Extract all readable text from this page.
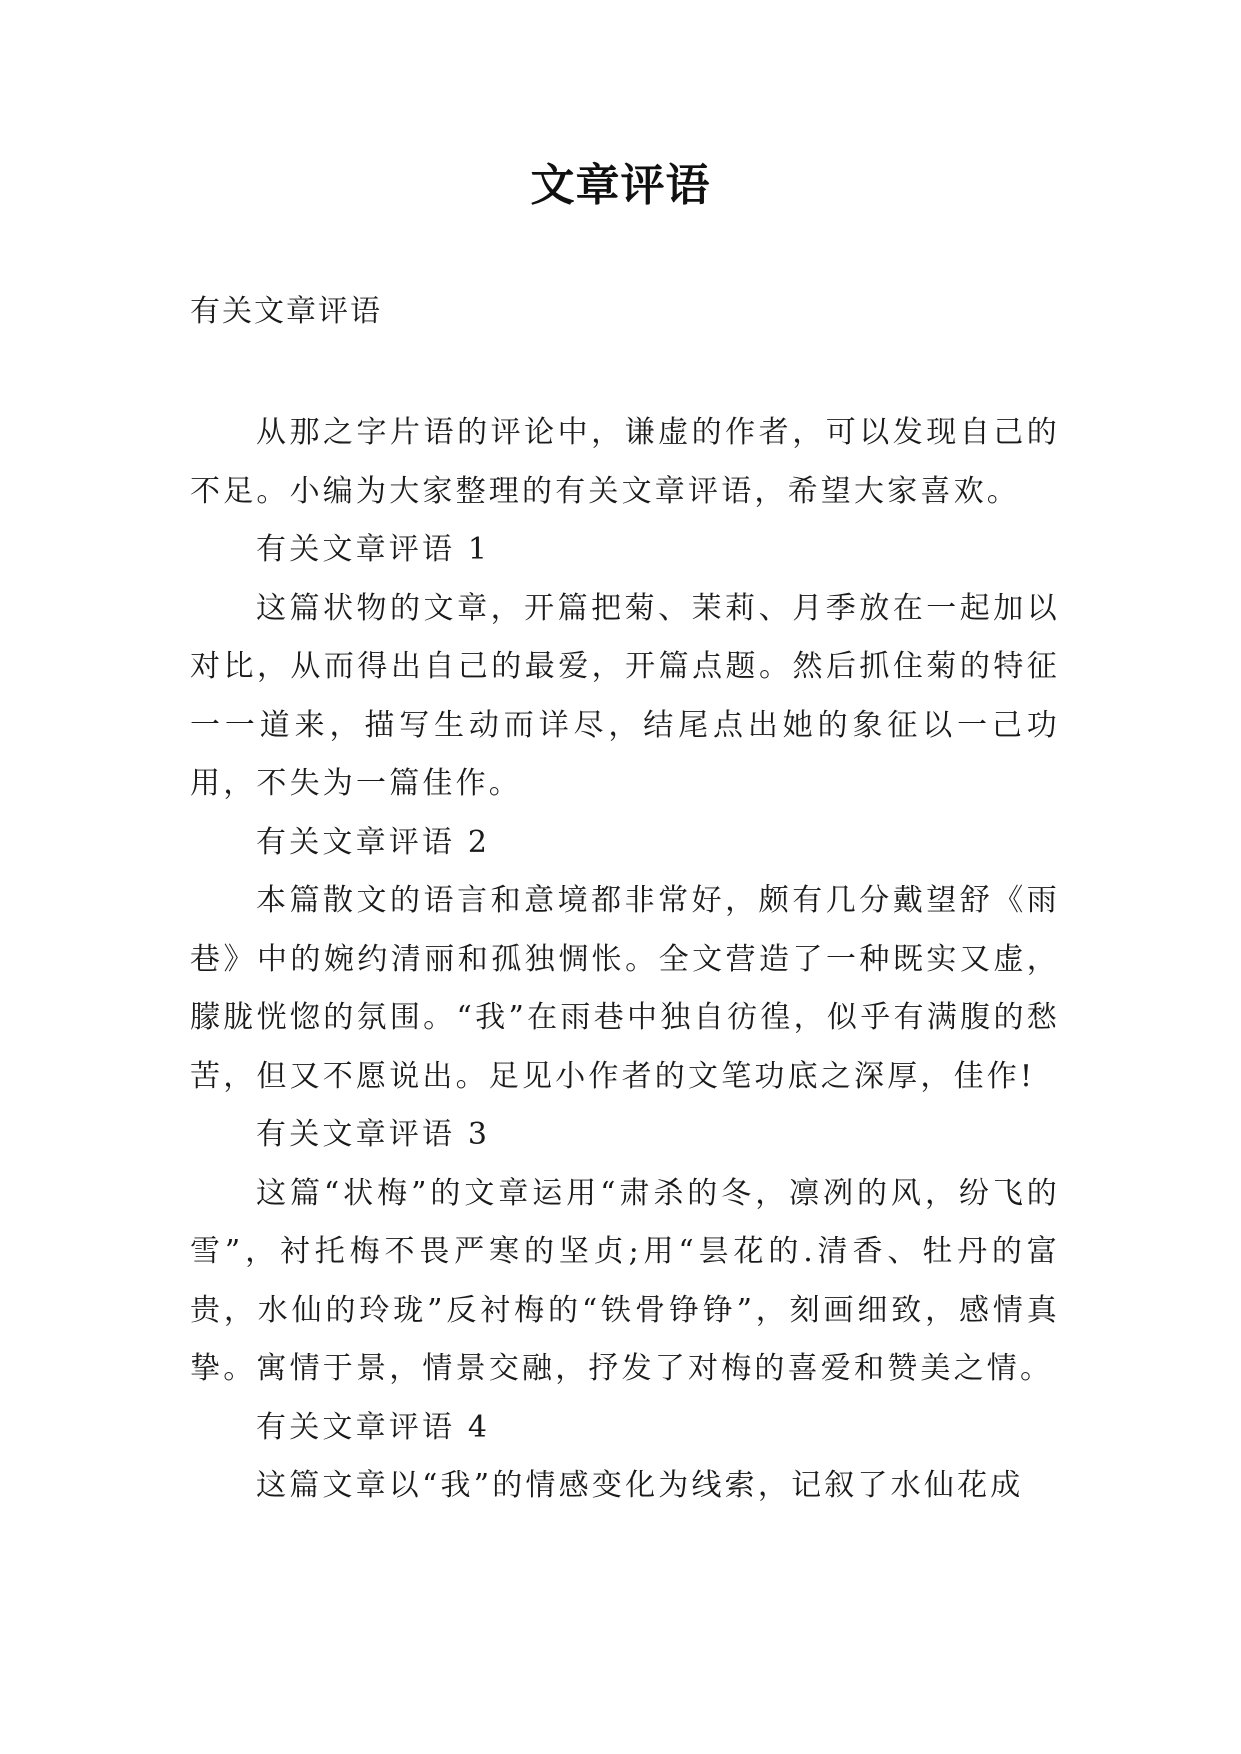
文章评语
有关文章评语

从那之字片语的评论中，谦虚的作者，可以发现自己的不足。小编为大家整理的有关文章评语，希望大家喜欢。

有关文章评语 1

这篇状物的文章，开篇把菊、茉莉、月季放在一起加以对比，从而得出自己的最爱，开篇点题。然后抓住菊的特征一一道来，描写生动而详尽，结尾点出她的象征以一己功用，不失为一篇佳作。

有关文章评语 2

本篇散文的语言和意境都非常好，颇有几分戴望舒《雨巷》中的婉约清丽和孤独惆怅。全文营造了一种既实又虚，朦胧恍惚的氛围。“我”在雨巷中独自彷徨，似乎有满腹的愁苦，但又不愿说出。足见小作者的文笔功底之深厚，佳作!

有关文章评语 3

这篇“状梅”的文章运用“肃杀的冬，凛冽的风，纷飞的雪”，衬托梅不畏严寒的坚贞;用“昙花的.清香、牡丹的富贵，水仙的玲珑”反衬梅的“铁骨铮铮”，刻画细致，感情真挚。寓情于景，情景交融，抒发了对梅的喜爱和赞美之情。

有关文章评语 4

这篇文章以“我”的情感变化为线索，记叙了水仙花成
